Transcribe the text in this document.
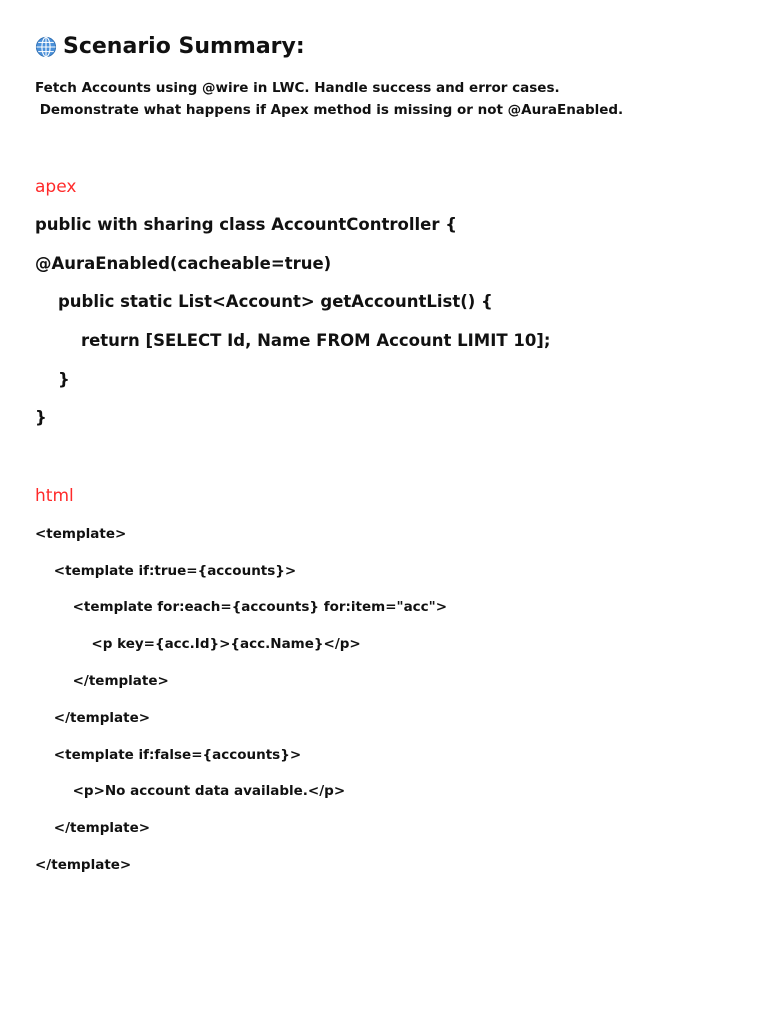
Scenario Summary:
Fetch Accounts using @wire in LWC. Handle success and error cases.
Demonstrate what happens if Apex method is missing or not @AuraEnabled.
apex
public with sharing class AccountController {
@AuraEnabled(cacheable=true)
public static List<Account> getAccountList() {
return [SELECT Id, Name FROM Account LIMIT 10];
}
}
html
<template>
<template if:true={accounts}>
<template for:each={accounts} for:item="acc">
<p key={acc.Id}>{acc.Name}</p>
</template>
</template>
<template if:false={accounts}>
<p>No account data available.</p>
</template>
</template>
